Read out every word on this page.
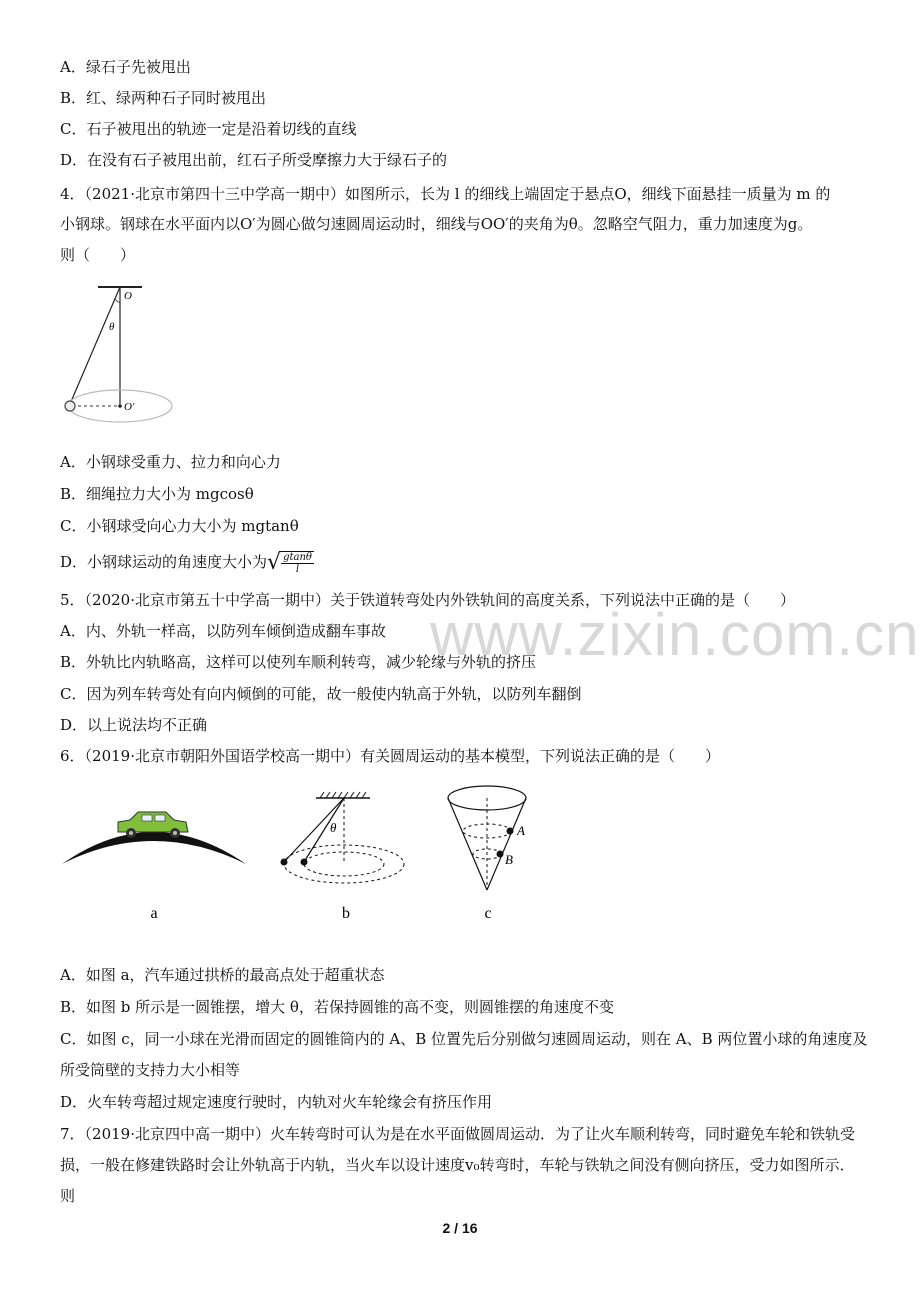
A．绿石子先被甩出
B．红、绿两种石子同时被甩出
C．石子被甩出的轨迹一定是沿着切线的直线
D．在没有石子被甩出前，红石子所受摩擦力大于绿石子的
4．（2021·北京市第四十三中学高一期中）如图所示，长为 l 的细线上端固定于悬点O，细线下面悬挂一质量为 m 的
小钢球。钢球在水平面内以O′为圆心做匀速圆周运动时，细线与OO′的夹角为θ。忽略空气阻力，重力加速度为g。
则（　　）
O
θ
O′
A．小钢球受重力、拉力和向心力
B．细绳拉力大小为 mgcosθ
C．小钢球受向心力大小为 mgtanθ
D．小钢球运动的角速度大小为√ $\frac{gtan\theta}{l}$
5．（2020·北京市第五十中学高一期中）关于铁道转弯处内外铁轨间的高度关系，下列说法中正确的是（　　）
A．内、外轨一样高，以防列车倾倒造成翻车事故
B．外轨比内轨略高，这样可以使列车顺利转弯，减少轮缘与外轨的挤压
C．因为列车转弯处有向内倾倒的可能，故一般使内轨高于外轨，以防列车翻倒
D．以上说法均不正确
www.zixin.com.cn
6．（2019·北京市朝阳外国语学校高一期中）有关圆周运动的基本模型，下列说法正确的是（　　）
a
θ
b
A
B
c
A．如图 a，汽车通过拱桥的最高点处于超重状态
B．如图 b 所示是一圆锥摆，增大 θ，若保持圆锥的高不变，则圆锥摆的角速度不变
C．如图 c，同一小球在光滑而固定的圆锥筒内的 A、B 位置先后分别做匀速圆周运动，则在 A、B 两位置小球的角速度及所受筒壁的支持力大小相等
D．火车转弯超过规定速度行驶时，内轨对火车轮缘会有挤压作用
7．（2019·北京四中高一期中）火车转弯时可认为是在水平面做圆周运动．为了让火车顺利转弯，同时避免车轮和铁轨受损，一般在修建铁路时会让外轨高于内轨，当火车以设计速度v₀转弯时，车轮与铁轨之间没有侧向挤压，受力如图所示．则
2 / 16
